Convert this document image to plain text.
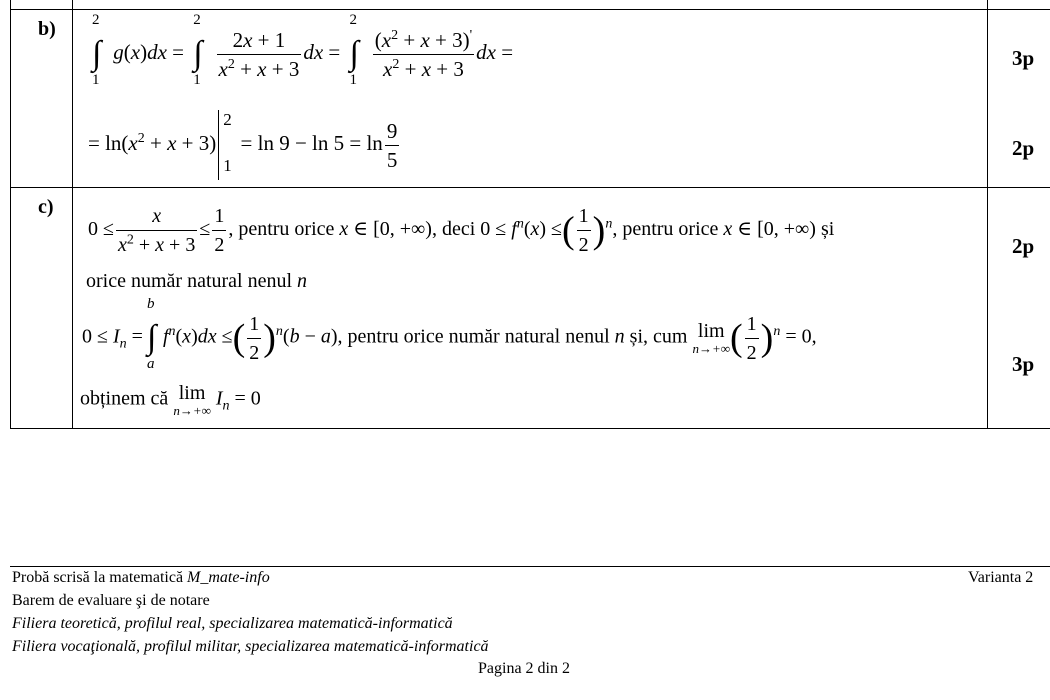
b) 2
∫
1
g(x)dx =
2
∫
1
$\frac{2x + 1}{x^2 + x + 3}$ dx =
2
∫
1
$\frac{(x^2 + x + 3)'}{x^2 + x + 3}$ dx =
= $\ln(x^2 + x + 3)$
2
1
= $\ln 9 - \ln 5 = \ln \frac{9}{5}$
3p
2p
c)
$0 \le \frac{x}{x^2 + x + 3} \le \frac{1}{2}$ , pentru orice x ∈ [0, +∞), deci $0 \le f^n(x)$ ≤( $\frac{1}{2} )^n$, pentru orice x ∈ [0, +∞) și
orice număr natural nenul n
$0 \le I_n$ =
b
∫
a
$f^n(x)dx$ ≤( $\frac{1}{2} )^n(b - a)$, pentru orice număr natural nenul n și, cum lim
n→+∞ ( $\frac{1}{2} )^n = 0$,
obținem că lim
n→+∞
$I_n = 0$
2p
3p
Probă scrisă la matematică M_mate-info	Varianta 2
Barem de evaluare şi de notare
Filiera teoretică, profilul real, specializarea matematică-informatică
Filiera vocaţională, profilul militar, specializarea matematică-informatică
Pagina 2 din 2
